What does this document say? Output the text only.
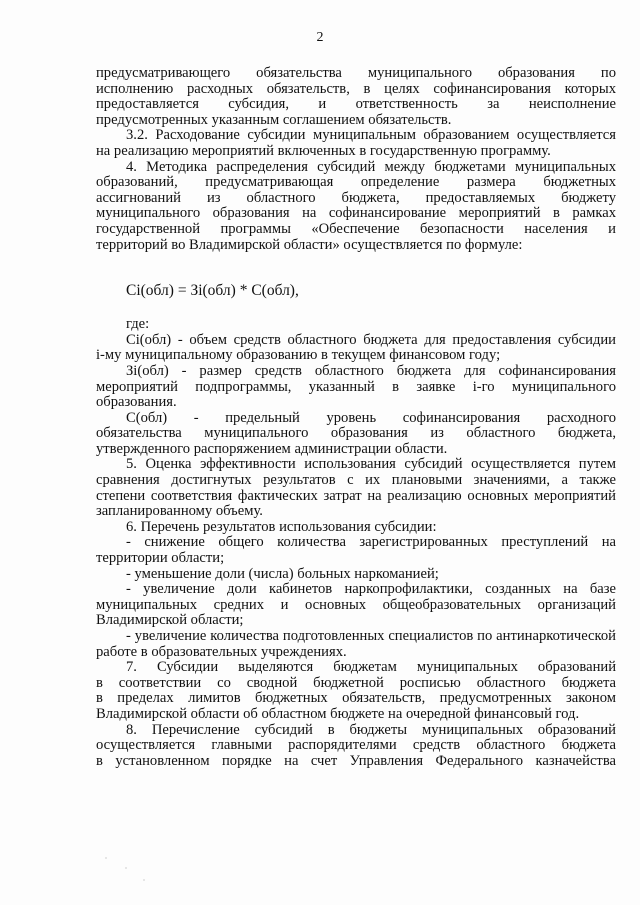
2
предусматривающего обязательства муниципального образования по
исполнению расходных обязательств, в целях софинансирования которых
предоставляется субсидия, и ответственность за неисполнение
предусмотренных указанным соглашением обязательств.
3.2. Расходование субсидии муниципальным образованием осуществляется
на реализацию мероприятий включенных в государственную программу.
4. Методика распределения субсидий между бюджетами муниципальных
образований, предусматривающая определение размера бюджетных
ассигнований из областного бюджета, предоставляемых бюджету
муниципального образования на софинансирование мероприятий в рамках
государственной программы «Обеспечение безопасности населения и
территорий во Владимирской области» осуществляется по формуле:
Сi(обл) = Зi(обл) * С(обл),
где:
Сi(обл) - объем средств областного бюджета для предоставления субсидии
i-му муниципальному образованию в текущем финансовом году;
Зi(обл) - размер средств областного бюджета для софинансирования
мероприятий подпрограммы, указанный в заявке i-го муниципального
образования.
С(обл) - предельный уровень софинансирования расходного
обязательства муниципального образования из областного бюджета,
утвержденного распоряжением администрации области.
5. Оценка эффективности использования субсидий осуществляется путем
сравнения достигнутых результатов с их плановыми значениями, а также
степени соответствия фактических затрат на реализацию основных мероприятий
запланированному объему.
6. Перечень результатов использования субсидии:
- снижение общего количества зарегистрированных преступлений на
территории области;
- уменьшение доли (числа) больных наркоманией;
- увеличение доли кабинетов наркопрофилактики, созданных на базе
муниципальных средних и основных общеобразовательных организаций
Владимирской области;
- увеличение количества подготовленных специалистов по антинаркотической
работе в образовательных учреждениях.
7. Субсидии выделяются бюджетам муниципальных образований
в соответствии со сводной бюджетной росписью областного бюджета
в пределах лимитов бюджетных обязательств, предусмотренных законом
Владимирской области об областном бюджете на очередной финансовый год.
8. Перечисление субсидий в бюджеты муниципальных образований
осуществляется главными распорядителями средств областного бюджета
в установленном порядке на счет Управления Федерального казначейства
